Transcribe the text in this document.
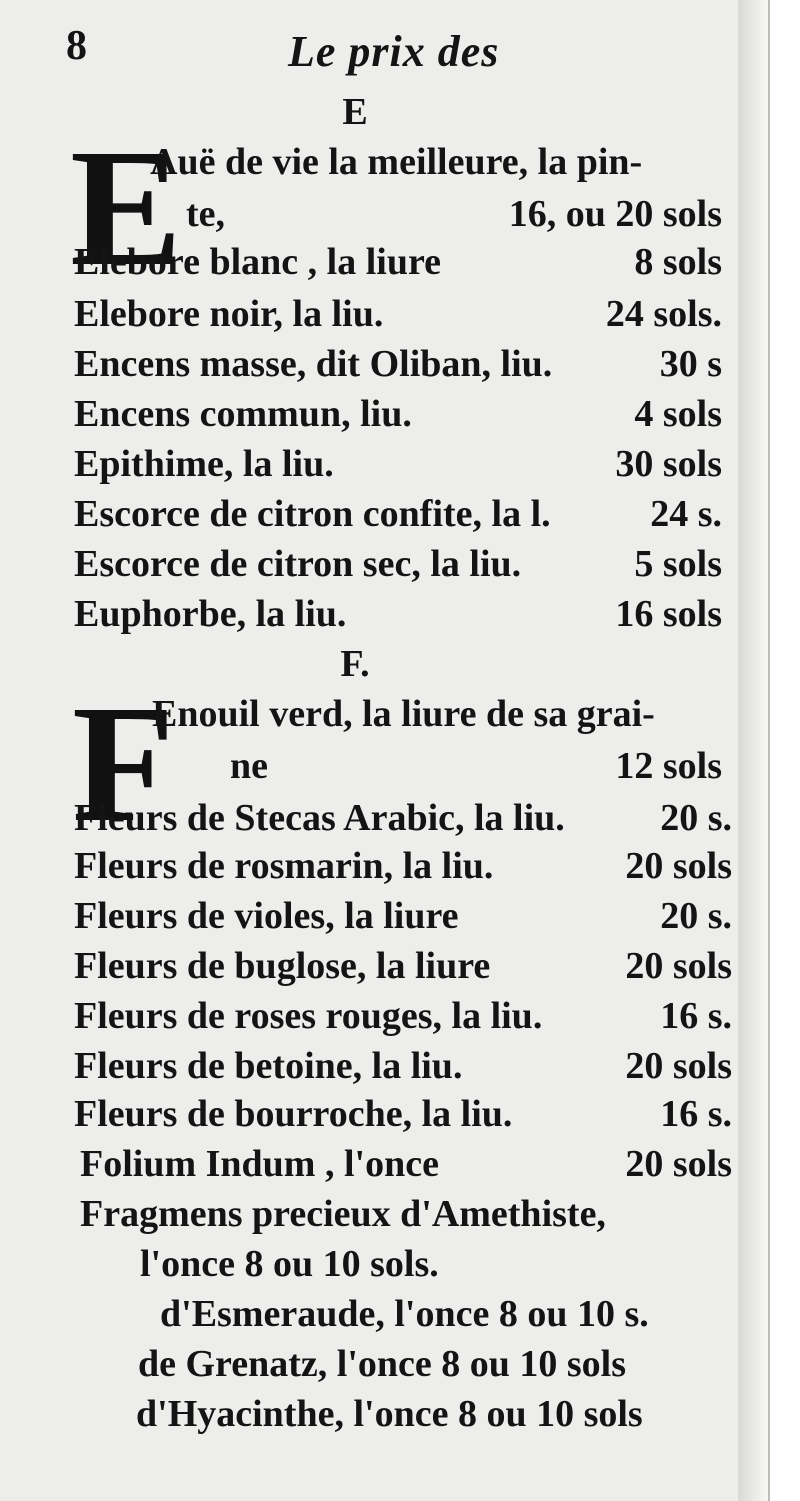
8	Le prix des
E
E
Auë de vie la meilleure, la pin-
te,	16, ou 20 sols
Elebore blanc , la liure	8 sols
Elebore noir, la liu.	24 sols.
Encens masse, dit Oliban, liu.	30 s
Encens commun, liu.	4 sols
Epithime, la liu.	30 sols
Escorce de citron confite, la l.	24 s.
Escorce de citron sec, la liu.	5 sols
Euphorbe, la liu.	16 sols
F.
F
Enouil verd, la liure de sa grai-
ne	12 sols
Fleurs de Stecas Arabic, la liu.	20 s.
Fleurs de rosmarin, la liu.	20 sols
Fleurs de violes, la liure	20 s.
Fleurs de buglose, la liure	20 sols
Fleurs de roses rouges, la liu.	16 s.
Fleurs de betoine, la liu.	20 sols
Fleurs de bourroche, la liu.	16 s.
Folium Indum , l'once	20 sols
Fragmens precieux d'Amethiste,
l'once 8 ou 10 sols.
d'Esmeraude, l'once 8 ou 10 s.
de Grenatz, l'once 8 ou 10 sols
d'Hyacinthe, l'once 8 ou 10 sols
